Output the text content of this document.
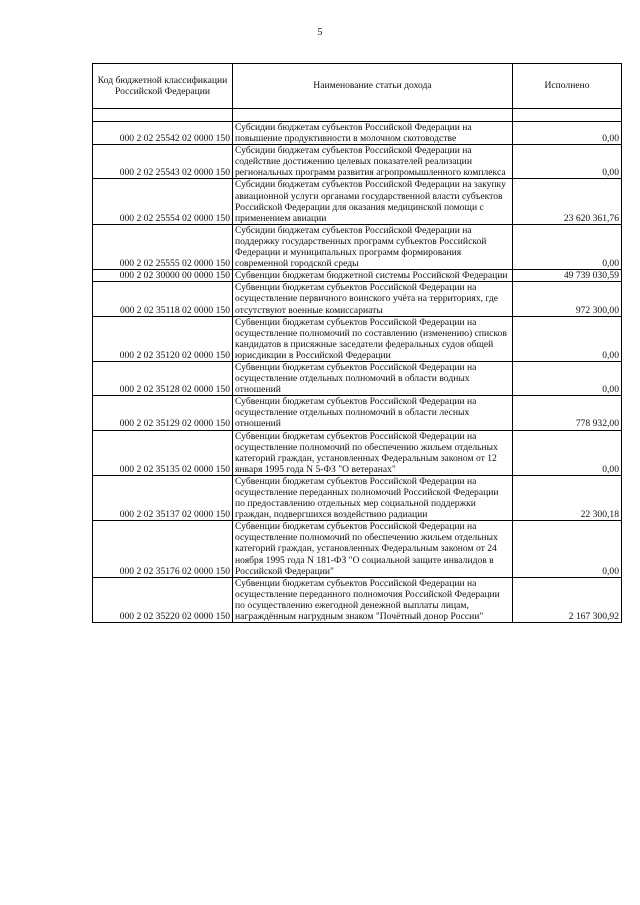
5
Код бюджетной классификации Российской Федерации	Наименование статьи дохода	Исполнено

000 2 02 25542 02 0000 150	Субсидии бюджетам субъектов Российской Федерации на повышение продуктивности в молочном скотоводстве	0,00
000 2 02 25543 02 0000 150	Субсидии бюджетам субъектов Российской Федерации на содействие достижению целевых показателей реализации региональных программ развития агропромышленного комплекса	0,00
000 2 02 25554 02 0000 150	Субсидии бюджетам субъектов Российской Федерации на закупку авиационной услуги органами государственной власти субъектов Российской Федерации для оказания медицинской помощи с применением авиации	23 620 361,76
000 2 02 25555 02 0000 150	Субсидии бюджетам субъектов Российской Федерации на поддержку государственных программ субъектов Российской Федерации и муниципальных программ формирования современной городской среды	0,00
000 2 02 30000 00 0000 150	Субвенции бюджетам бюджетной системы Российской Федерации	49 739 030,59
000 2 02 35118 02 0000 150	Субвенции бюджетам субъектов Российской Федерации на осуществление первичного воинского учёта на территориях, где отсутствуют военные комиссариаты	972 300,00
000 2 02 35120 02 0000 150	Субвенции бюджетам субъектов Российской Федерации на осуществление полномочий по составлению (изменению) списков кандидатов в присяжные заседатели федеральных судов общей юрисдикции в Российской Федерации	0,00
000 2 02 35128 02 0000 150	Субвенции бюджетам субъектов Российской Федерации на осуществление отдельных полномочий в области водных отношений	0,00
000 2 02 35129 02 0000 150	Субвенции бюджетам субъектов Российской Федерации на осуществление отдельных полномочий в области лесных отношений	778 932,00
000 2 02 35135 02 0000 150	Субвенции бюджетам субъектов Российской Федерации на осуществление полномочий по обеспечению жильем отдельных категорий граждан, установленных Федеральным законом от 12 января 1995 года N 5-ФЗ "О ветеранах"	0,00
000 2 02 35137 02 0000 150	Субвенции бюджетам субъектов Российской Федерации на осуществление переданных полномочий Российской Федерации по предоставлению отдельных мер социальной поддержки граждан, подвергшихся воздействию радиации	22 300,18
000 2 02 35176 02 0000 150	Субвенции бюджетам субъектов Российской Федерации на осуществление полномочий по обеспечению жильем отдельных категорий граждан, установленных Федеральным законом от 24 ноября 1995 года N 181-ФЗ "О социальной защите инвалидов в Российской Федерации"	0,00
000 2 02 35220 02 0000 150	Субвенции бюджетам субъектов Российской Федерации на осуществление переданного полномочия Российской Федерации по осуществлению ежегодной денежной выплаты лицам, награждённым нагрудным знаком "Почётный донор России"	2 167 300,92
